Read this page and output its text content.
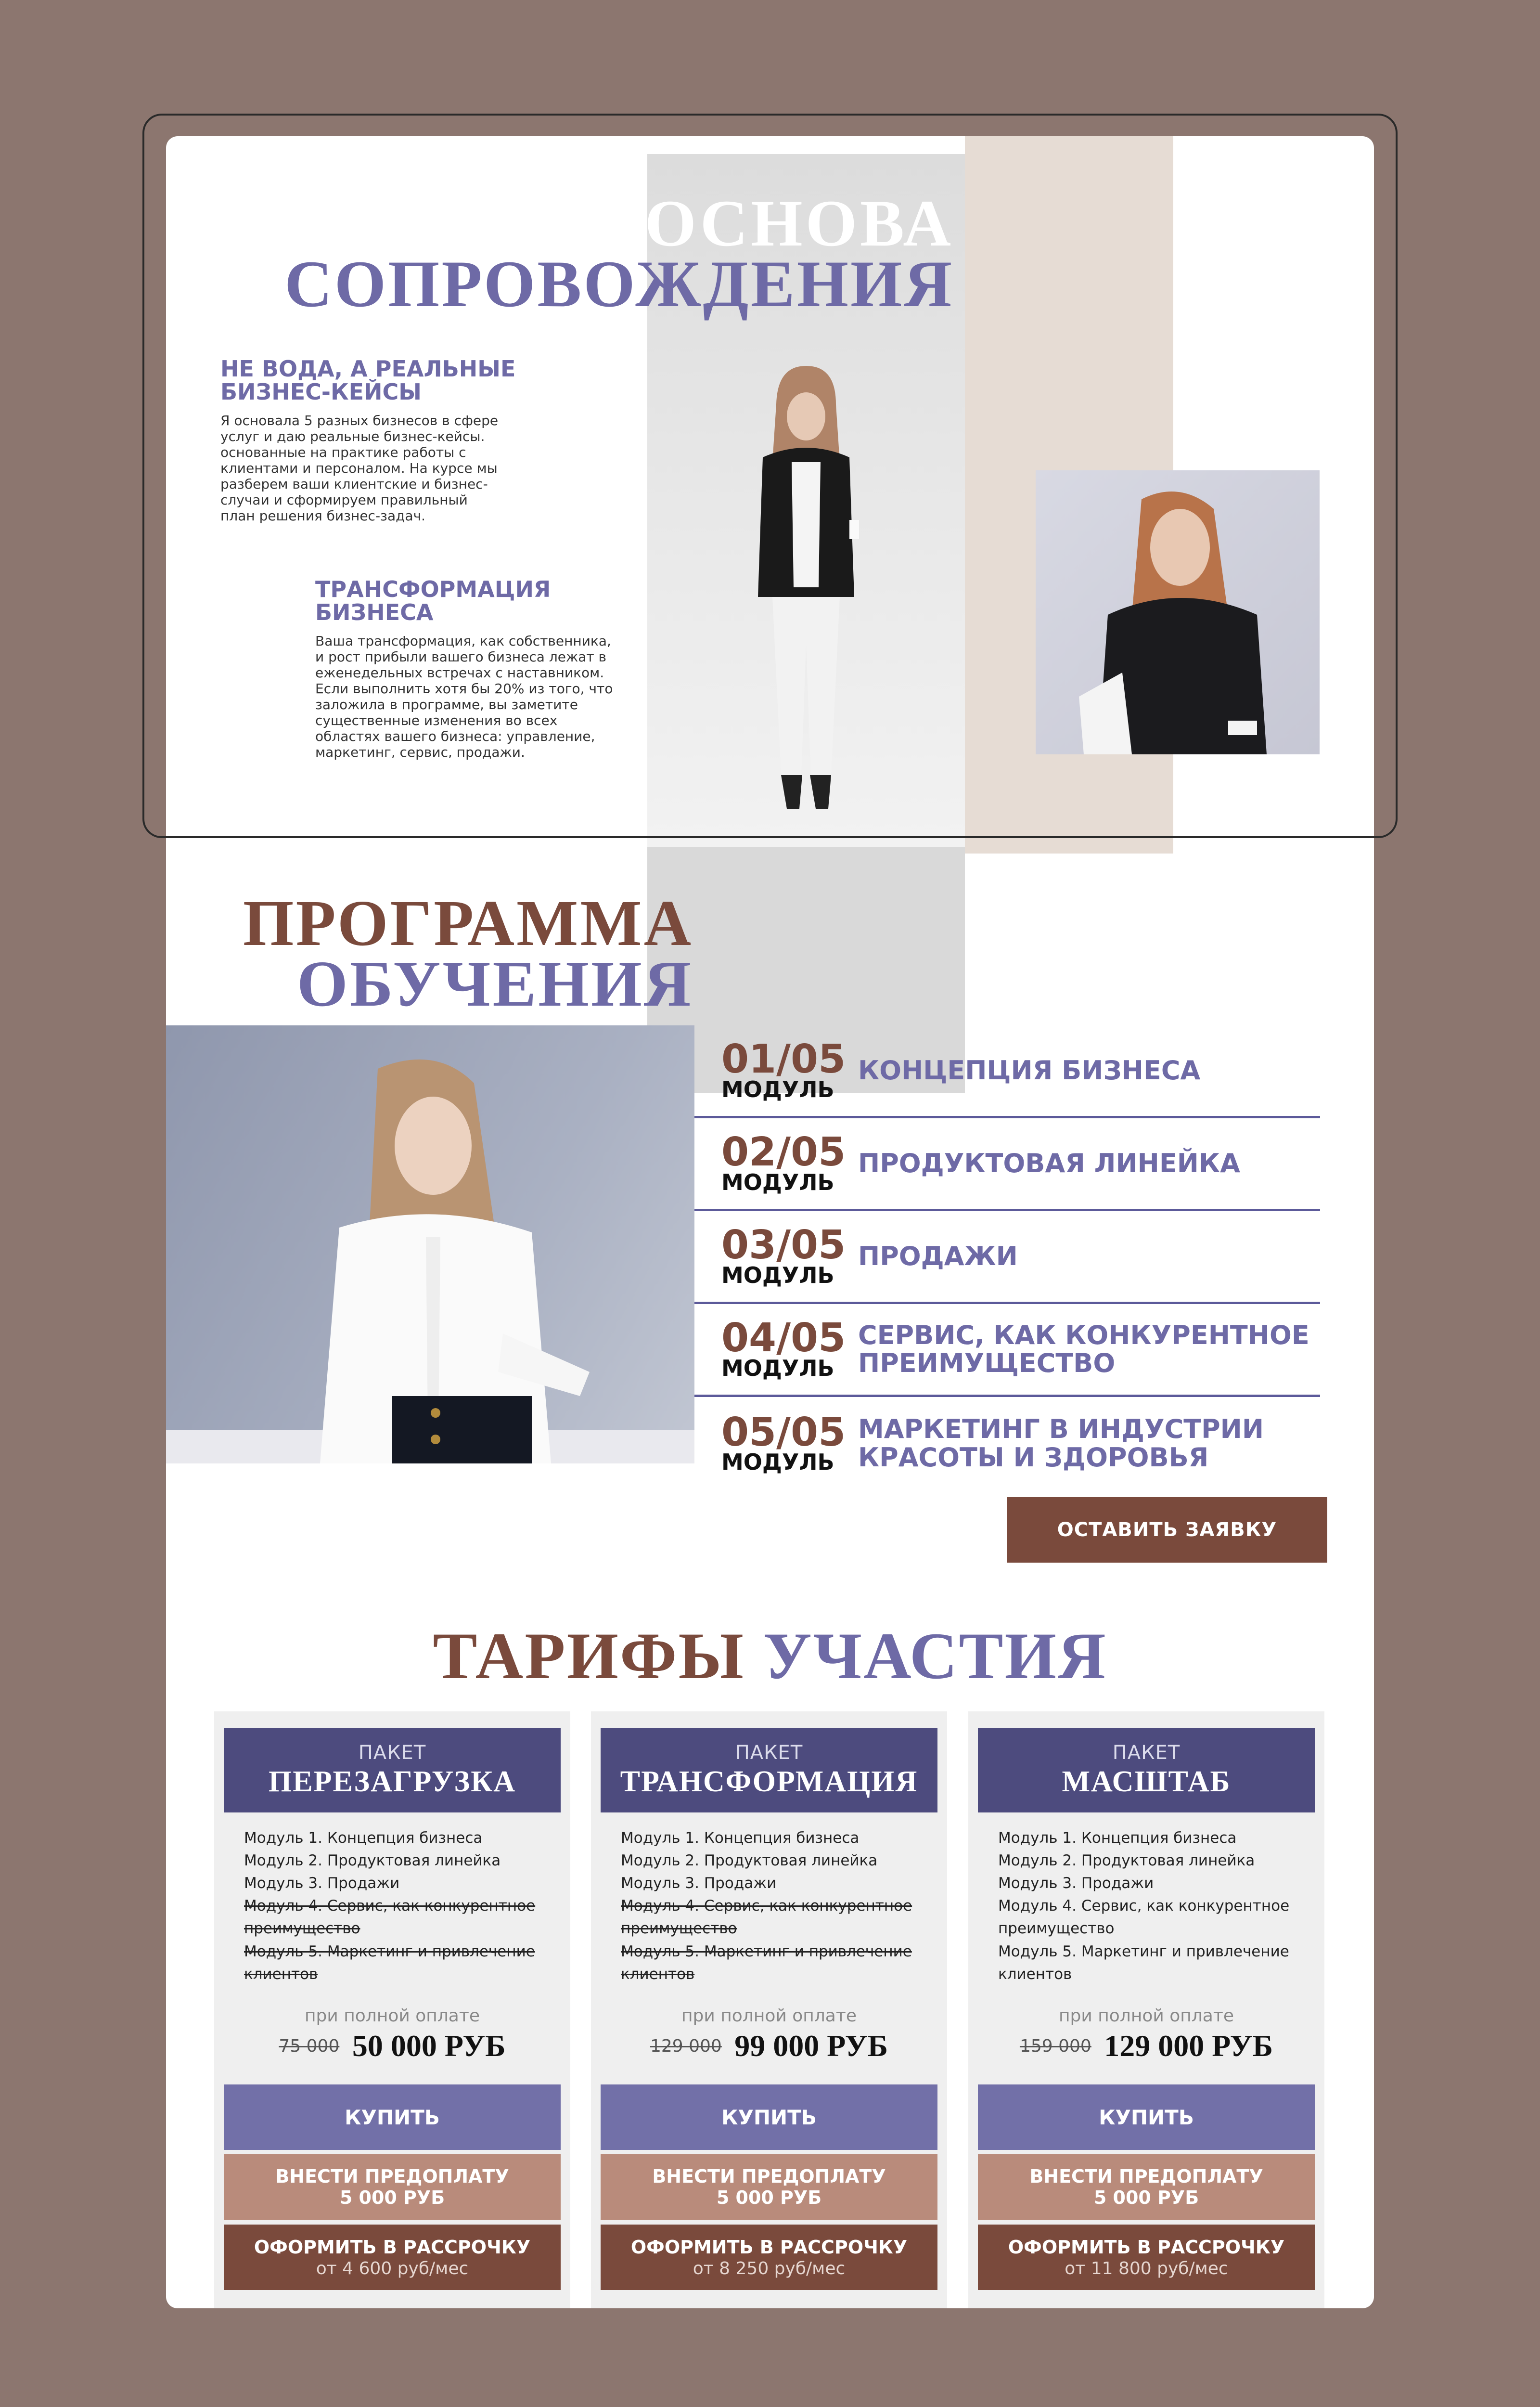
ОСНОВА
СОПРОВОЖДЕНИЯ
НЕ ВОДА, А РЕАЛЬНЫЕ
БИЗНЕС-КЕЙСЫ

Я основала 5 разных бизнесов в сфере
услуг и даю реальные бизнес-кейсы.
основанные на практике работы с
клиентами и персоналом. На курсе мы
разберем ваши клиентские и бизнес-
случаи и сформируем правильный
план решения бизнес-задач.

ТРАНСФОРМАЦИЯ
БИЗНЕСА

Ваша трансформация, как собственника,
и рост прибыли вашего бизнеса лежат в
еженедельных встречах с наставником.
Если выполнить хотя бы 20% из того, что
заложила в программе, вы заметите
существенные изменения во всех
областях вашего бизнеса: управление,
маркетинг, сервис, продажи.

ПРОГРАММА
ОБУЧЕНИЯ
01/05
МОДУЛЬ
КОНЦЕПЦИЯ БИЗНЕСА
02/05
МОДУЛЬ
ПРОДУКТОВАЯ ЛИНЕЙКА
03/05
МОДУЛЬ
ПРОДАЖИ
04/05
МОДУЛЬ
СЕРВИС, КАК КОНКУРЕНТНОЕ
ПРЕИМУЩЕСТВО
05/05
МОДУЛЬ
МАРКЕТИНГ В ИНДУСТРИИ
КРАСОТЫ И ЗДОРОВЬЯ
ОСТАВИТЬ ЗАЯВКУ
ТАРИФЫ УЧАСТИЯ
ПАКЕТ
ПЕРЕЗАГРУЗКА
Модуль 1. Концепция бизнеса
Модуль 2. Продуктовая линейка
Модуль 3. Продажи
Модуль 4. Сервис, как конкурентное преимущество
Модуль 5. Маркетинг и привлечение клиентов
при полной оплате
75 000 50 000 РУБ
КУПИТЬ
ВНЕСТИ ПРЕДОПЛАТУ
5 000 РУБ
ОФОРМИТЬ В РАССРОЧКУ
от 4 600 руб/мес
ПАКЕТ
ТРАНСФОРМАЦИЯ
Модуль 1. Концепция бизнеса
Модуль 2. Продуктовая линейка
Модуль 3. Продажи
Модуль 4. Сервис, как конкурентное преимущество
Модуль 5. Маркетинг и привлечение клиентов
при полной оплате
129 000 99 000 РУБ
КУПИТЬ
ВНЕСТИ ПРЕДОПЛАТУ
5 000 РУБ
ОФОРМИТЬ В РАССРОЧКУ
от 8 250 руб/мес
ПАКЕТ
МАСШТАБ
Модуль 1. Концепция бизнеса
Модуль 2. Продуктовая линейка
Модуль 3. Продажи
Модуль 4. Сервис, как конкурентное преимущество
Модуль 5. Маркетинг и привлечение клиентов
при полной оплате
159 000 129 000 РУБ
КУПИТЬ
ВНЕСТИ ПРЕДОПЛАТУ
5 000 РУБ
ОФОРМИТЬ В РАССРОЧКУ
от 11 800 руб/мес
